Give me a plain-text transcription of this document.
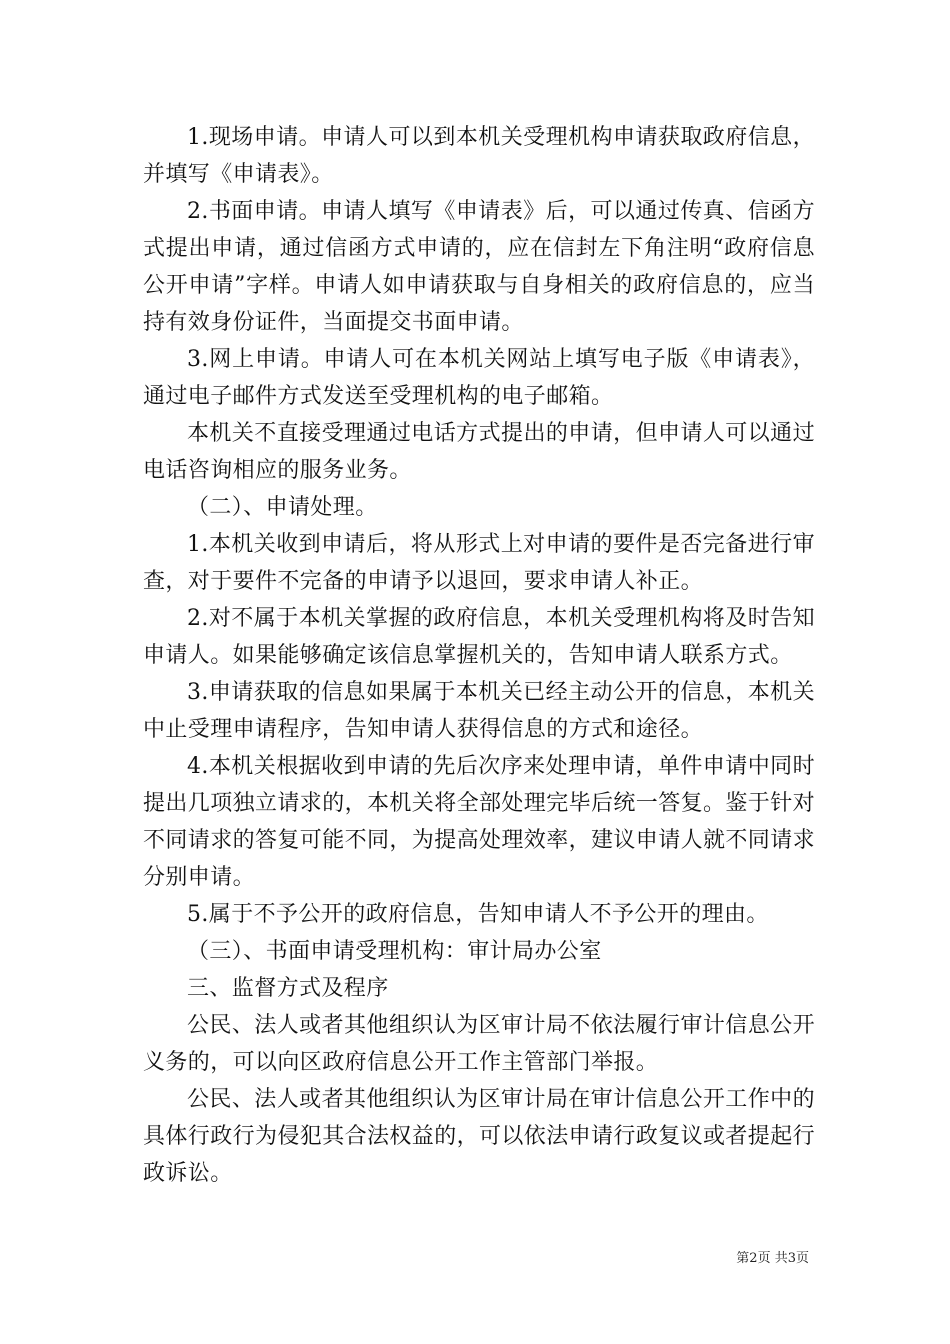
1.现场申请。申请人可以到本机关受理机构申请获取政府信息，并填写《申请表》。

2.书面申请。申请人填写《申请表》后，可以通过传真、信函方式提出申请，通过信函方式申请的，应在信封左下角注明“政府信息公开申请”字样。申请人如申请获取与自身相关的政府信息的，应当持有效身份证件，当面提交书面申请。

3.网上申请。申请人可在本机关网站上填写电子版《申请表》，通过电子邮件方式发送至受理机构的电子邮箱。

本机关不直接受理通过电话方式提出的申请，但申请人可以通过电话咨询相应的服务业务。

（二）、申请处理。

1.本机关收到申请后，将从形式上对申请的要件是否完备进行审查，对于要件不完备的申请予以退回，要求申请人补正。

2.对不属于本机关掌握的政府信息，本机关受理机构将及时告知申请人。如果能够确定该信息掌握机关的，告知申请人联系方式。

3.申请获取的信息如果属于本机关已经主动公开的信息，本机关中止受理申请程序，告知申请人获得信息的方式和途径。

4.本机关根据收到申请的先后次序来处理申请，单件申请中同时提出几项独立请求的，本机关将全部处理完毕后统一答复。鉴于针对不同请求的答复可能不同，为提高处理效率，建议申请人就不同请求分别申请。

5.属于不予公开的政府信息，告知申请人不予公开的理由。

（三）、书面申请受理机构：审计局办公室

三、监督方式及程序

公民、法人或者其他组织认为区审计局不依法履行审计信息公开义务的，可以向区政府信息公开工作主管部门举报。

公民、法人或者其他组织认为区审计局在审计信息公开工作中的具体行政行为侵犯其合法权益的，可以依法申请行政复议或者提起行政诉讼。

第2页 共3页
